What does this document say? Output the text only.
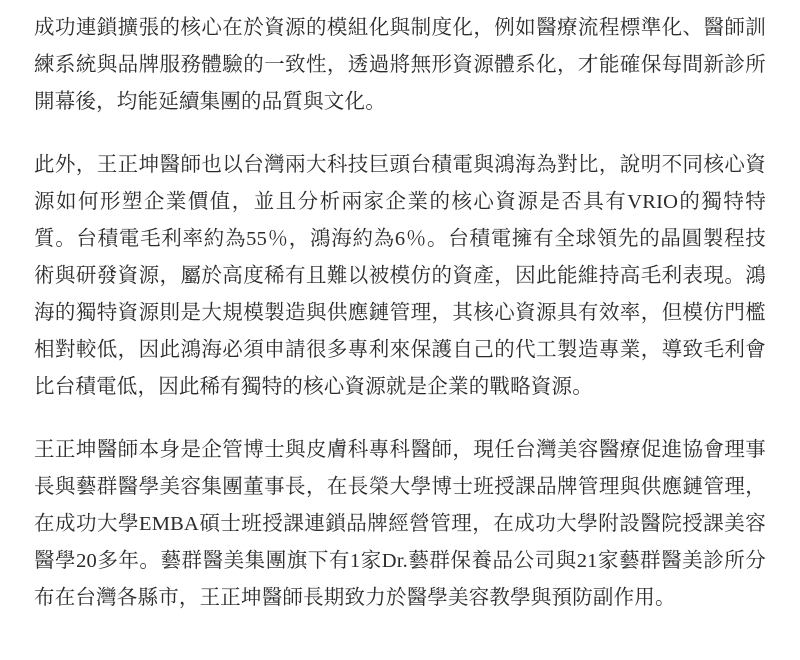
成功連鎖擴張的核心在於資源的模組化與制度化，例如醫療流程標準化、醫師訓練系統與品牌服務體驗的一致性，透過將無形資源體系化，才能確保每間新診所開幕後，均能延續集團的品質與文化。

此外，王正坤醫師也以台灣兩大科技巨頭台積電與鴻海為對比，說明不同核心資源如何形塑企業價值，並且分析兩家企業的核心資源是否具有VRIO的獨特特質。台積電毛利率約為55％，鴻海約為6％。台積電擁有全球領先的晶圓製程技術與研發資源，屬於高度稀有且難以被模仿的資產，因此能維持高毛利表現。鴻海的獨特資源則是大規模製造與供應鏈管理，其核心資源具有效率，但模仿門檻相對較低，因此鴻海必須申請很多專利來保護自己的代工製造專業，導致毛利會比台積電低，因此稀有獨特的核心資源就是企業的戰略資源。

王正坤醫師本身是企管博士與皮膚科專科醫師，現任台灣美容醫療促進協會理事長與藝群醫學美容集團董事長，在長榮大學博士班授課品牌管理與供應鏈管理，在成功大學EMBA碩士班授課連鎖品牌經營管理，在成功大學附設醫院授課美容醫學20多年。藝群醫美集團旗下有1家Dr.藝群保養品公司與21家藝群醫美診所分布在台灣各縣市，王正坤醫師長期致力於醫學美容教學與預防副作用。
